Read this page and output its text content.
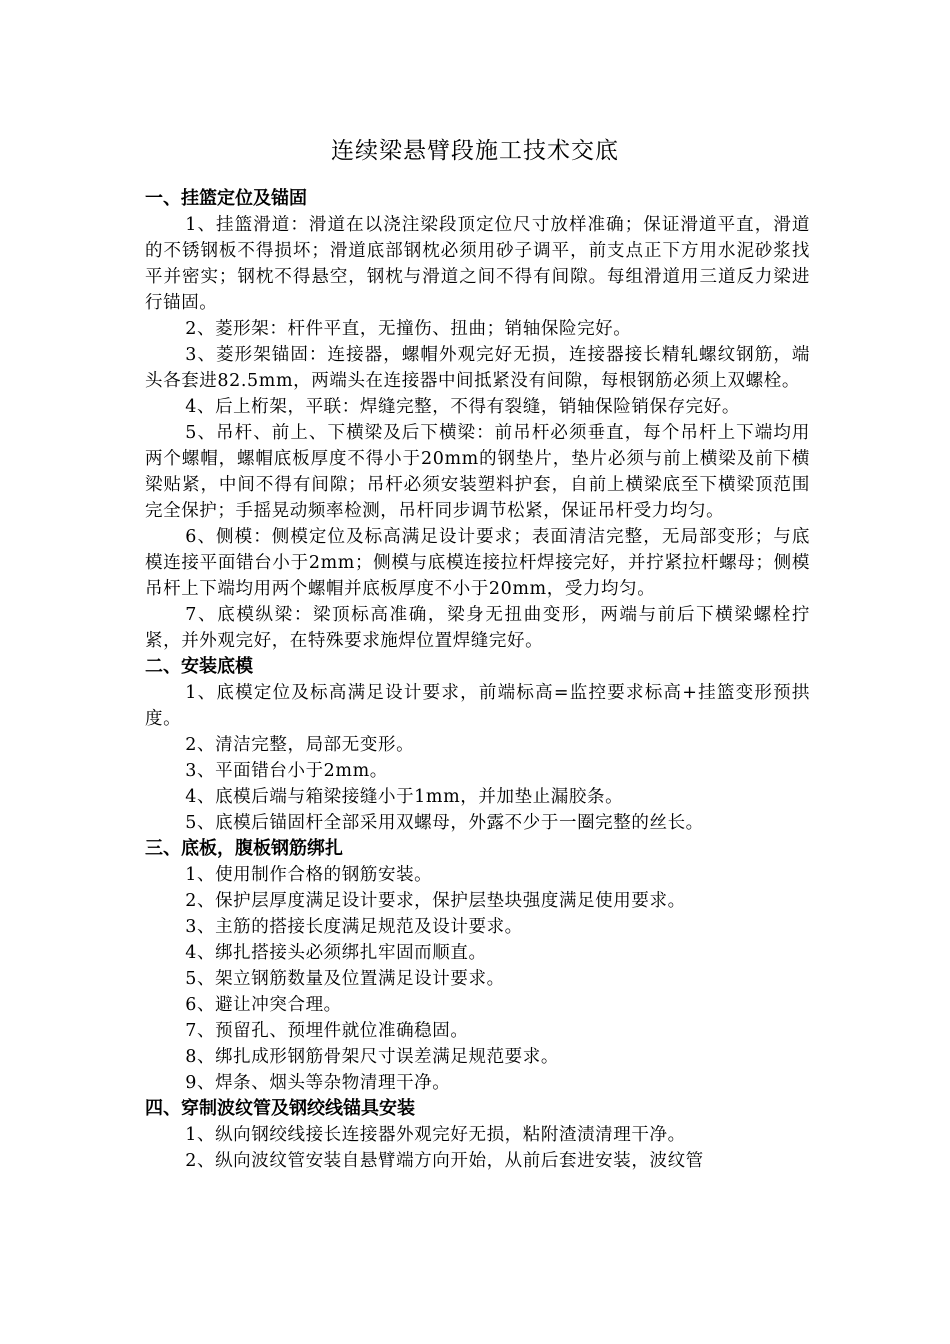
连续梁悬臂段施工技术交底
一、挂篮定位及锚固
1、挂篮滑道：滑道在以浇注梁段顶定位尺寸放样准确；保证滑道平直，滑道的不锈钢板不得损坏；滑道底部钢枕必须用砂子调平，前支点正下方用水泥砂浆找平并密实；钢枕不得悬空，钢枕与滑道之间不得有间隙。每组滑道用三道反力梁进行锚固。
2、菱形架：杆件平直，无撞伤、扭曲；销轴保险完好。
3、菱形架锚固：连接器，螺帽外观完好无损，连接器接长精轧螺纹钢筋，端头各套进82.5mm，两端头在连接器中间抵紧没有间隙，每根钢筋必须上双螺栓。
4、后上桁架，平联：焊缝完整，不得有裂缝，销轴保险销保存完好。
5、吊杆、前上、下横梁及后下横梁：前吊杆必须垂直，每个吊杆上下端均用两个螺帽，螺帽底板厚度不得小于20mm的钢垫片，垫片必须与前上横梁及前下横梁贴紧，中间不得有间隙；吊杆必须安装塑料护套，自前上横梁底至下横梁顶范围完全保护；手摇晃动频率检测，吊杆同步调节松紧，保证吊杆受力均匀。
6、侧模：侧模定位及标高满足设计要求；表面清洁完整，无局部变形；与底模连接平面错台小于2mm；侧模与底模连接拉杆焊接完好，并拧紧拉杆螺母；侧模吊杆上下端均用两个螺帽并底板厚度不小于20mm，受力均匀。
7、底模纵梁：梁顶标高准确，梁身无扭曲变形，两端与前后下横梁螺栓拧紧，并外观完好，在特殊要求施焊位置焊缝完好。
二、安装底模
1、底模定位及标高满足设计要求，前端标高=监控要求标高+挂篮变形预拱度。
2、清洁完整，局部无变形。
3、平面错台小于2mm。
4、底模后端与箱梁接缝小于1mm，并加垫止漏胶条。
5、底模后锚固杆全部采用双螺母，外露不少于一圈完整的丝长。
三、底板，腹板钢筋绑扎
1、使用制作合格的钢筋安装。
2、保护层厚度满足设计要求，保护层垫块强度满足使用要求。
3、主筋的搭接长度满足规范及设计要求。
4、绑扎搭接头必须绑扎牢固而顺直。
5、架立钢筋数量及位置满足设计要求。
6、避让冲突合理。
7、预留孔、预埋件就位准确稳固。
8、绑扎成形钢筋骨架尺寸误差满足规范要求。
9、焊条、烟头等杂物清理干净。
四、穿制波纹管及钢绞线锚具安装
1、纵向钢绞线接长连接器外观完好无损，粘附渣渍清理干净。
2、纵向波纹管安装自悬臂端方向开始，从前后套进安装，波纹管
